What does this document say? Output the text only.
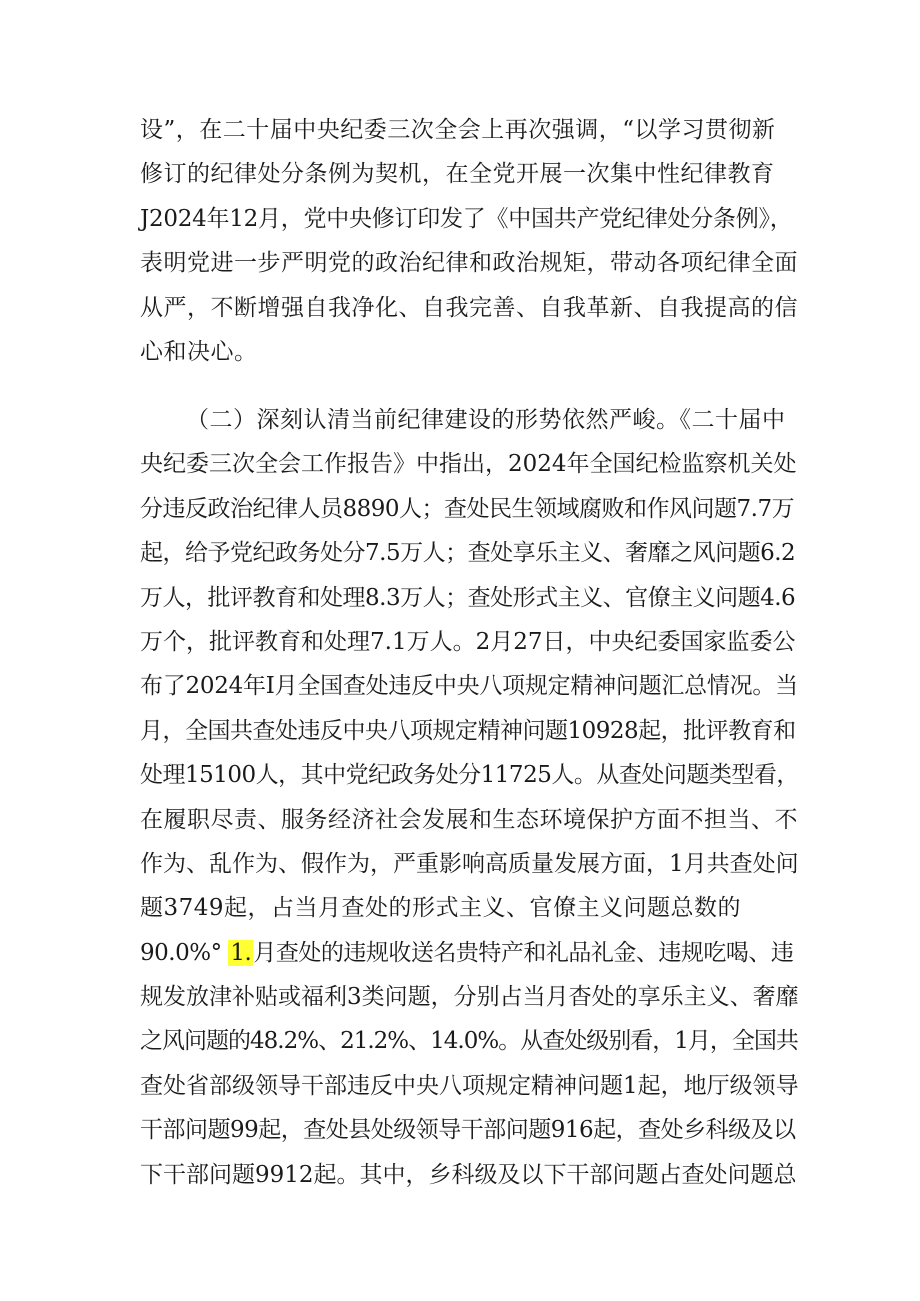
设”，在二十届中央纪委三次全会上再次强调，“以学习贯彻新
修订的纪律处分条例为契机，在全党开展一次集中性纪律教育
J2024年12月，党中央修订印发了《中国共产党纪律处分条例》，
表明党进一步严明党的政治纪律和政治规矩，带动各项纪律全面
从严，不断增强自我净化、自我完善、自我革新、自我提高的信
心和决心。
（二）深刻认清当前纪律建设的形势依然严峻。《二十届中
央纪委三次全会工作报告》中指出，2024年全国纪检监察机关处
分违反政治纪律人员8890人；查处民生领域腐败和作风问题7.7万
起，给予党纪政务处分7.5万人；查处享乐主义、奢靡之风问题6.2
万人，批评教育和处理8.3万人；查处形式主义、官僚主义问题4.6
万个，批评教育和处理7.1万人。2月27日，中央纪委国家监委公
布了2024年I月全国查处违反中央八项规定精神问题汇总情况。当
月，全国共查处违反中央八项规定精神问题10928起，批评教育和
处理15100人，其中党纪政务处分11725人。从查处问题类型看，
在履职尽责、服务经济社会发展和生态环境保护方面不担当、不
作为、乱作为、假作为，严重影响高质量发展方面，1月共查处问
题3749起，占当月查处的形式主义、官僚主义问题总数的
90.0%° 1.月查处的违规收送名贵特产和礼品礼金、违规吃喝、违
规发放津补贴或福利3类问题，分别占当月杳处的享乐主义、奢靡
之风问题的48.2%、21.2%、14.0%。从查处级别看，1月，全国共
查处省部级领导干部违反中央八项规定精神问题1起，地厅级领导
干部问题99起，查处县处级领导干部问题916起，查处乡科级及以
下干部问题9912起。其中，乡科级及以下干部问题占查处问题总
